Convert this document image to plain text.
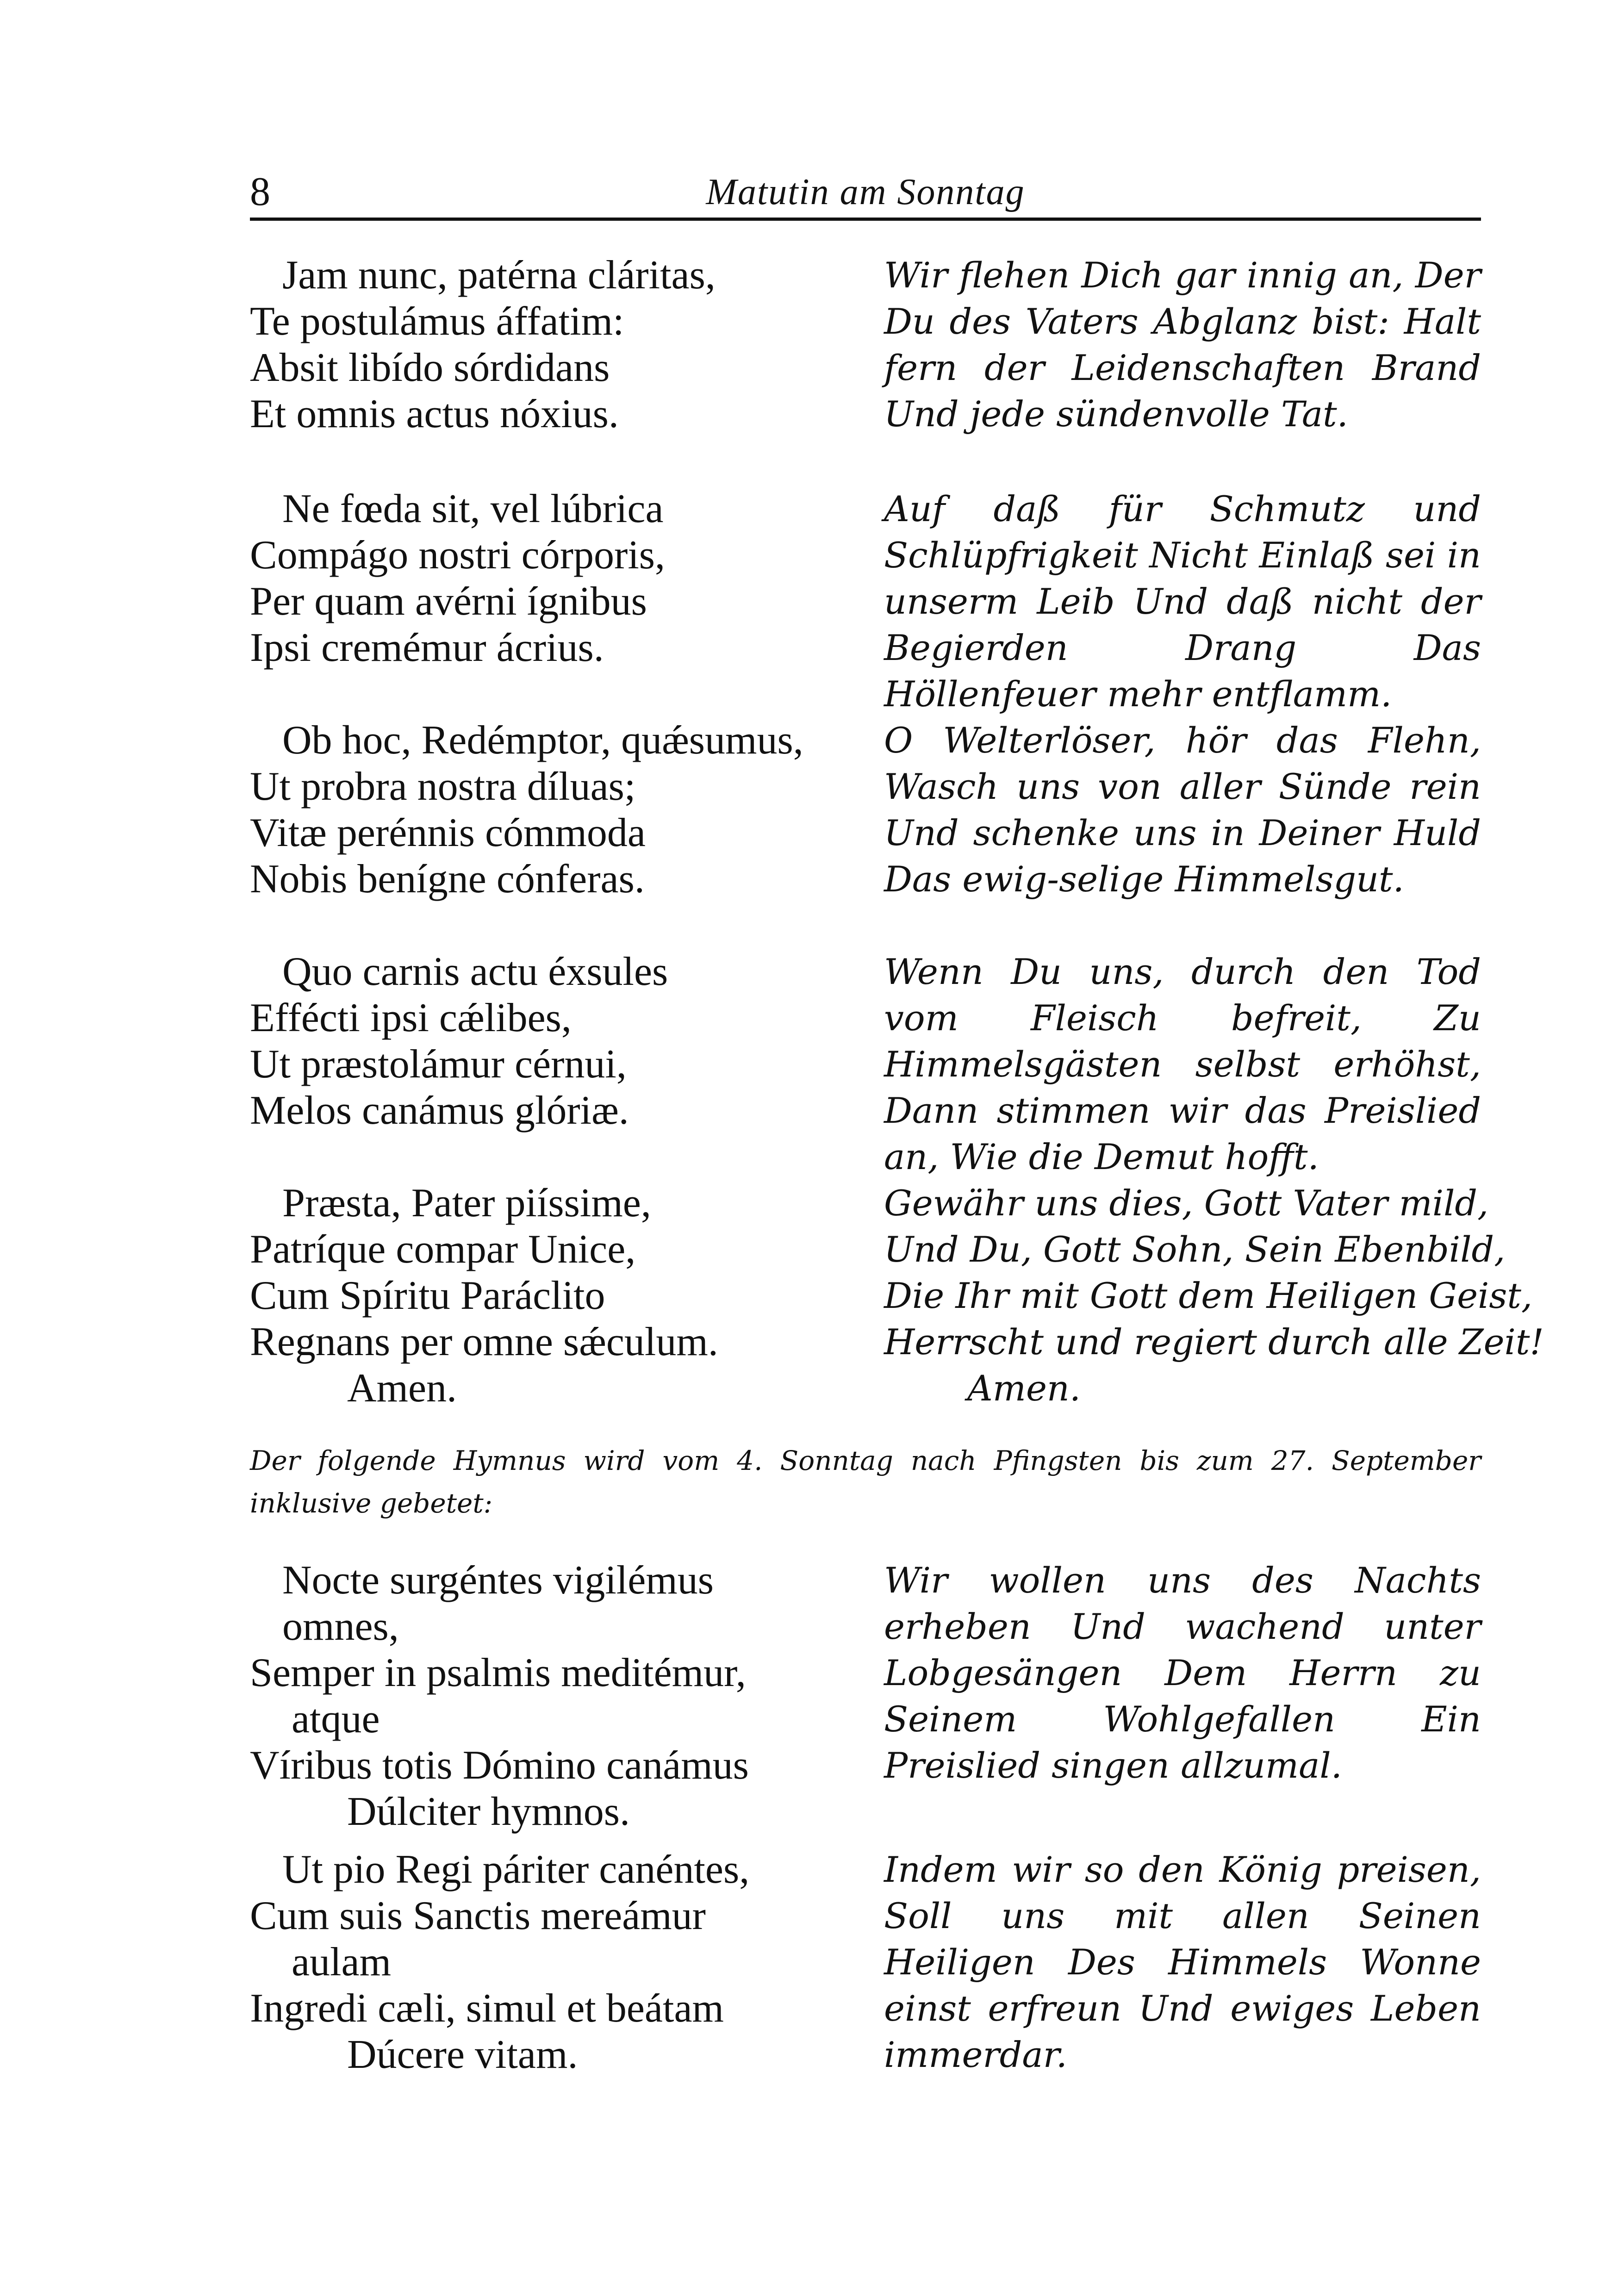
8	Matutin am Sonntag
Jam nunc, patérna cláritas,
Te postulámus áffatim:
Absit libído sórdidans
Et omnis actus nóxius.
Wir flehen Dich gar innig an, Der Du des Vaters Abglanz bist: Halt fern der Leidenschaften Brand Und jede sündenvolle Tat.
Ne fœda sit, vel lúbrica
Compágo nostri córporis,
Per quam avérni ígnibus
Ipsi cremémur ácrius.
Auf daß für Schmutz und Schlüpfrigkeit Nicht Einlaß sei in unserm Leib Und daß nicht der Begierden Drang Das Höllenfeuer mehr entflamm.
Ob hoc, Redémptor, quǽsumus,
Ut probra nostra díluas;
Vitæ perénnis cómmoda
Nobis benígne cónferas.
O Welterlöser, hör das Flehn, Wasch uns von aller Sünde rein Und schenke uns in Deiner Huld Das ewig-selige Himmelsgut.
Quo carnis actu éxsules
Effécti ipsi cǽlibes,
Ut præstolámur cérnui,
Melos canámus glóriæ.
Wenn Du uns, durch den Tod vom Fleisch befreit, Zu Himmelsgästen selbst erhöhst, Dann stimmen wir das Preislied an, Wie die Demut hofft.
Præsta, Pater piíssime,
Patríque compar Unice,
Cum Spíritu Paráclito
Regnans per omne sǽculum.
Amen.
Gewähr uns dies, Gott Vater mild,
Und Du, Gott Sohn, Sein Ebenbild,
Die Ihr mit Gott dem Heiligen Geist,
Herrscht und regiert durch alle Zeit!
Amen.
Der folgende Hymnus wird vom 4. Sonntag nach Pfingsten bis zum 27. September inklusive gebetet:
Nocte surgéntes vigilémus
omnes,
Semper in psalmis meditémur,
atque
Víribus totis Dómino canámus
Dúlciter hymnos.
Wir wollen uns des Nachts erheben Und wachend unter Lobgesängen Dem Herrn zu Seinem Wohlgefallen Ein Preislied singen allzumal.
Ut pio Regi páriter canéntes,
Cum suis Sanctis mereámur
aulam
Ingredi cæli, simul et beátam
Dúcere vitam.
Indem wir so den König preisen, Soll uns mit allen Seinen Heiligen Des Himmels Wonne einst erfreun Und ewiges Leben immerdar.
